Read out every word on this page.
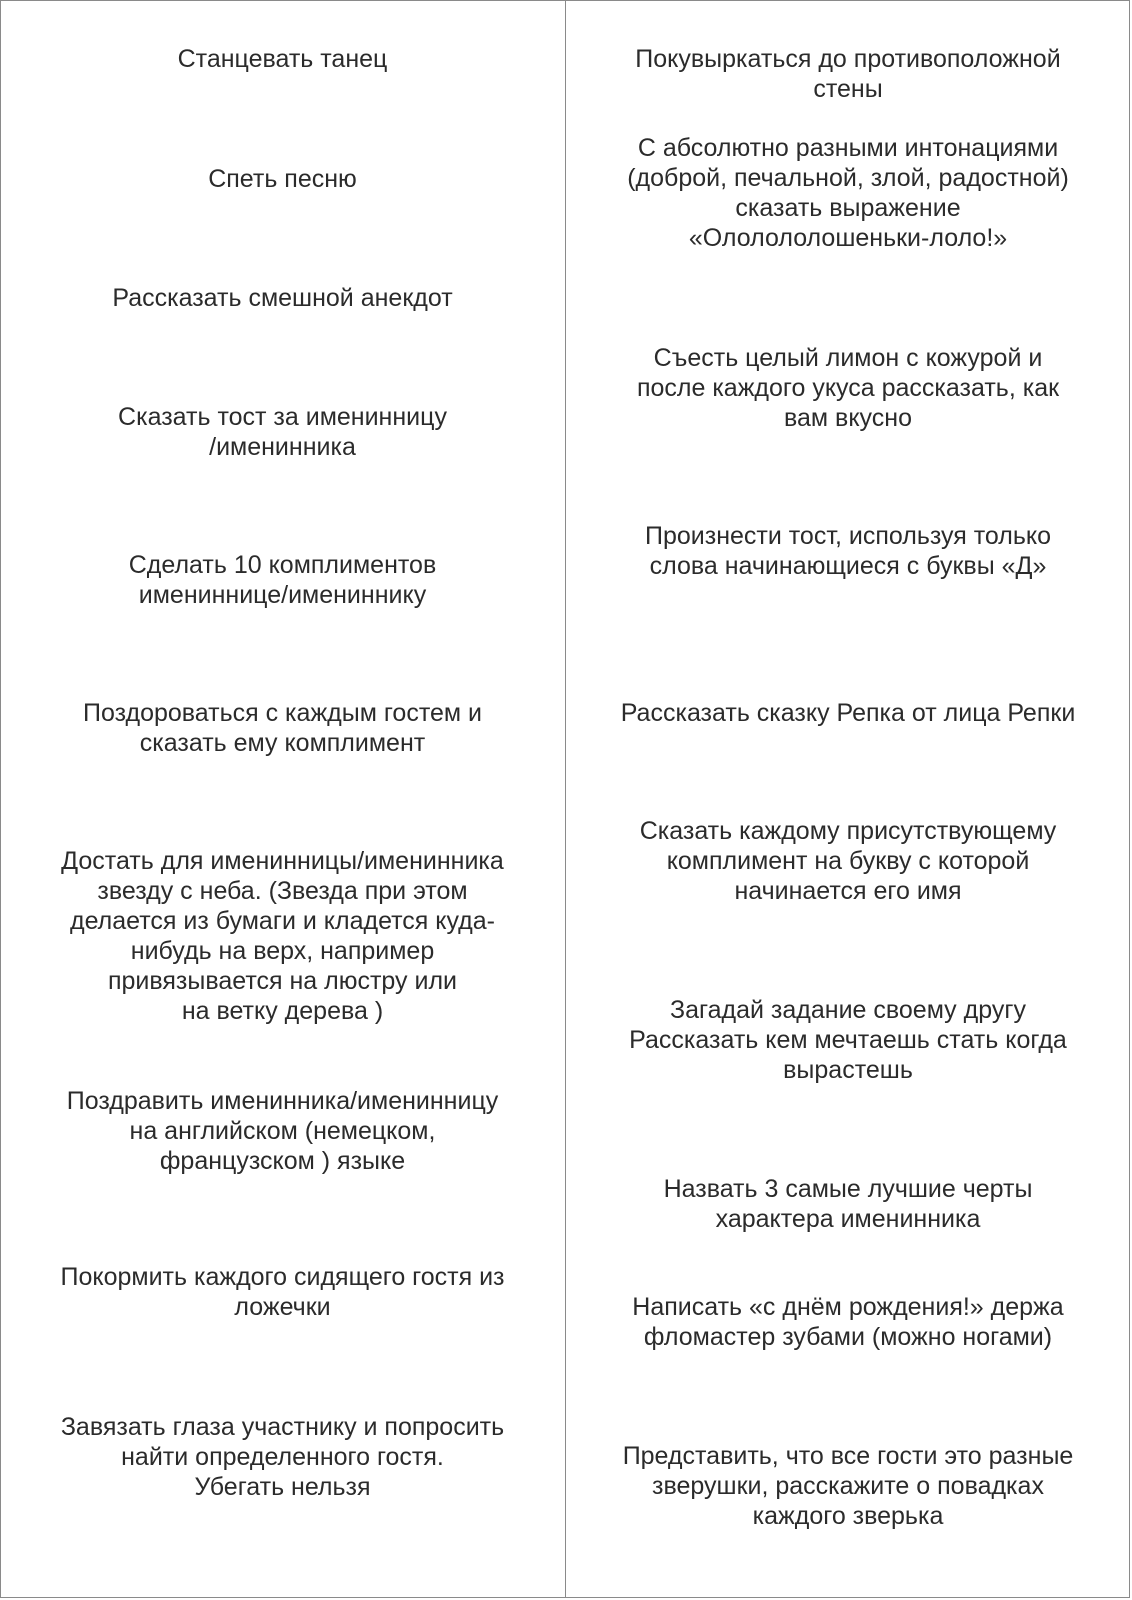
Станцевать танец

Спеть песню

Рассказать смешной анекдот

Сказать тост за именинницу
/именинника

Сделать 10 комплиментов
имениннице/имениннику

Поздороваться с каждым гостем и
сказать ему комплимент

Достать для именинницы/именинника
звезду с неба. (Звезда при этом
делается из бумаги и кладется куда-
нибудь на верх, например
привязывается на люстру или
на ветку дерева )

Поздравить именинника/именинницу
на английском (немецком,
французском ) языке

Покормить каждого сидящего гостя из
ложечки

Завязать глаза участнику и попросить
найти определенного гостя.
Убегать нельзя

Покувыркаться до противоположной
стены

С абсолютно разными интонациями
(доброй, печальной, злой, радостной)
сказать выражение
«Ололололошеньки-лоло!»

Съесть целый лимон с кожурой и
после каждого укуса рассказать, как
вам вкусно

Произнести тост, используя только
слова начинающиеся с буквы «Д»

Рассказать сказку Репка от лица Репки

Сказать каждому присутствующему
комплимент на букву с которой
начинается его имя

Загадай задание своему другу
Рассказать кем мечтаешь стать когда
вырастешь

Назвать 3 самые лучшие черты
характера именинника

Написать «с днём рождения!» держа
фломастер зубами (можно ногами)

Представить, что все гости это разные
зверушки, расскажите о повадках
каждого зверька
